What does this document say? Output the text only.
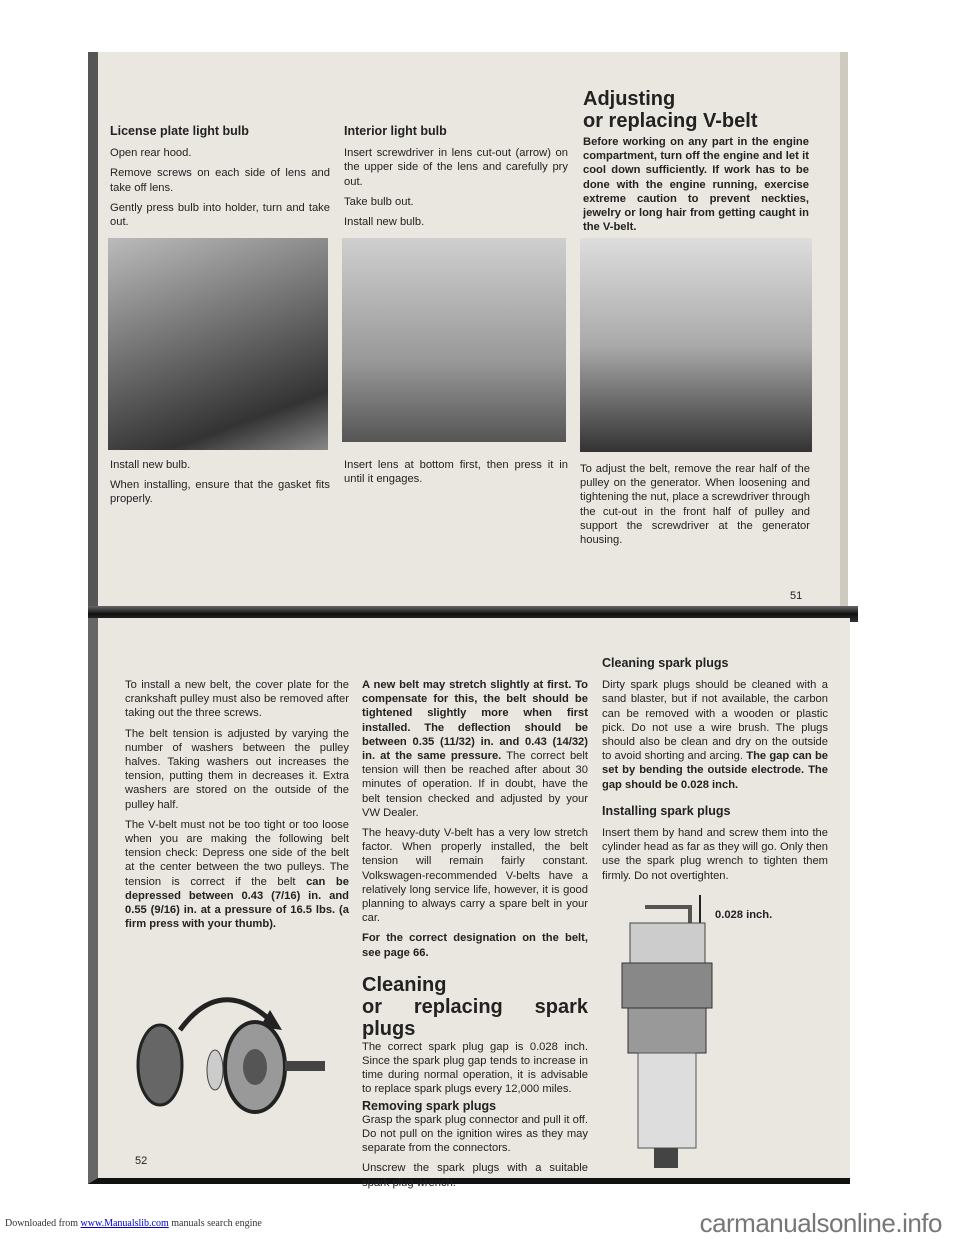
License plate light bulb

Open rear hood.

Remove screws on each side of lens and take off lens.

Gently press bulb into holder, turn and take out.

Install new bulb.

When installing, ensure that the gasket fits properly.

Interior light bulb

Insert screwdriver in lens cut-out (arrow) on the upper side of the lens and carefully pry out.

Take bulb out.

Install new bulb.

Insert lens at bottom first, then press it in until it engages.

Adjusting
or replacing V-belt

Before working on any part in the engine compartment, turn off the engine and let it cool down sufficiently. If work has to be done with the engine running, exercise extreme caution to prevent neckties, jewelry or long hair from getting caught in the V-belt.

To adjust the belt, remove the rear half of the pulley on the generator. When loosening and tightening the nut, place a screwdriver through the cut-out in the front half of pulley and support the screwdriver at the generator housing.

51

To install a new belt, the cover plate for the crankshaft pulley must also be removed after taking out the three screws.

The belt tension is adjusted by varying the number of washers between the pulley halves. Taking washers out increases the tension, putting them in decreases it. Extra washers are stored on the outside of the pulley half.

The V-belt must not be too tight or too loose when you are making the following belt tension check: Depress one side of the belt at the center between the two pulleys. The tension is correct if the belt can be depressed between 0.43 (7/16) in. and 0.55 (9/16) in. at a pressure of 16.5 lbs. (a firm press with your thumb).

52

A new belt may stretch slightly at first. To compensate for this, the belt should be tightened slightly more when first installed. The deflection should be between 0.35 (11/32) in. and 0.43 (14/32) in. at the same pressure. The correct belt tension will then be reached after about 30 minutes of operation. If in doubt, have the belt tension checked and adjusted by your VW Dealer.

The heavy-duty V-belt has a very low stretch factor. When properly installed, the belt tension will remain fairly constant. Volkswagen-recommended V-belts have a relatively long service life, however, it is good planning to always carry a spare belt in your car.

For the correct designation on the belt, see page 66.

Cleaning
or replacing spark plugs

The correct spark plug gap is 0.028 inch. Since the spark plug gap tends to increase in time during normal operation, it is advisable to replace spark plugs every 12,000 miles.

Removing spark plugs

Grasp the spark plug connector and pull it off. Do not pull on the ignition wires as they may separate from the connectors.

Unscrew the spark plugs with a suitable spark plug wrench.

Cleaning spark plugs

Dirty spark plugs should be cleaned with a sand blaster, but if not available, the carbon can be removed with a wooden or plastic pick. Do not use a wire brush. The plugs should also be clean and dry on the outside to avoid shorting and arcing. The gap can be set by bending the outside electrode. The gap should be 0.028 inch.

Installing spark plugs

Insert them by hand and screw them into the cylinder head as far as they will go. Only then use the spark plug wrench to tighten them firmly. Do not overtighten.

0.028 inch.
Downloaded from www.Manualslib.com manuals search engine	carmanualsonline.info
